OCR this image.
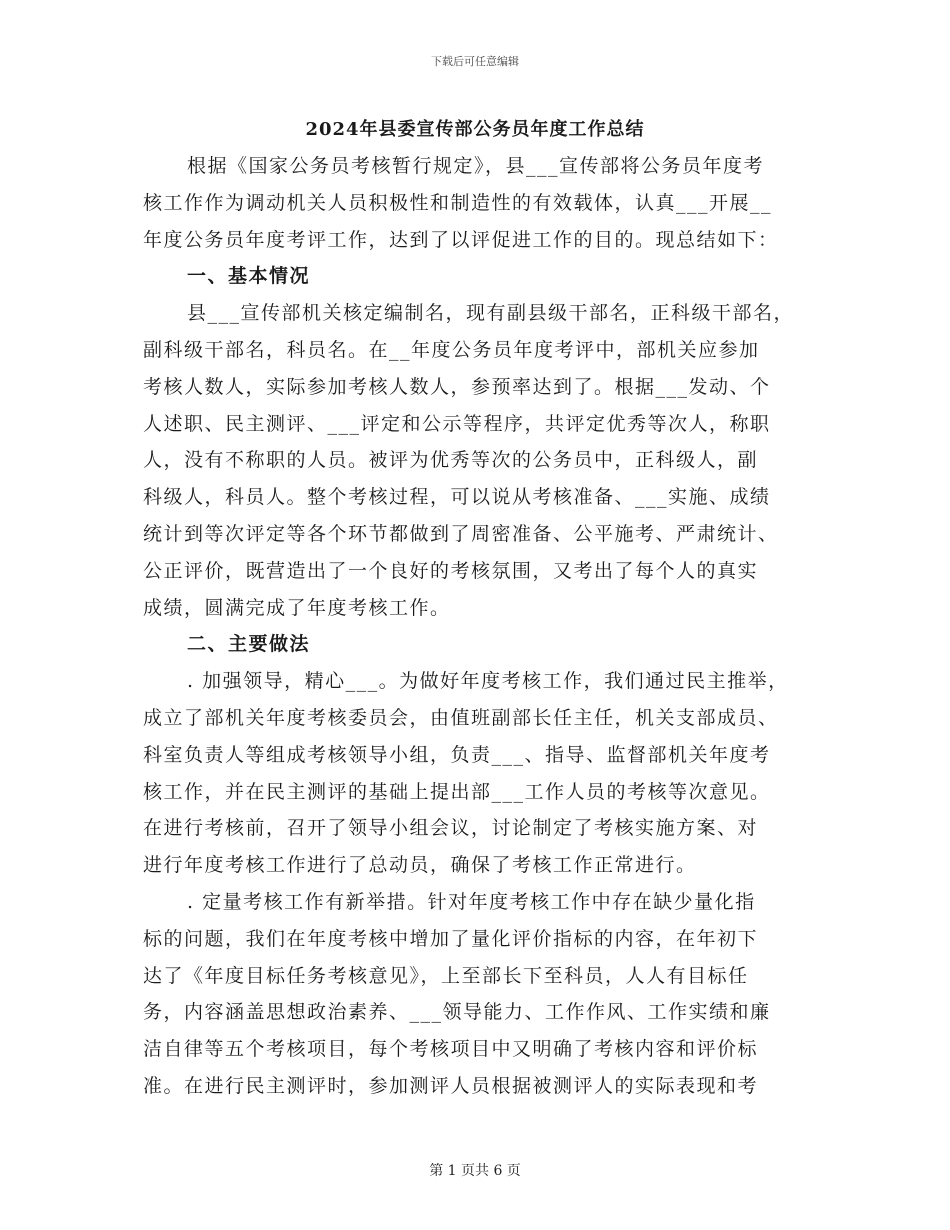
下载后可任意编辑
2024年县委宣传部公务员年度工作总结
根据《国家公务员考核暂行规定》，县___宣传部将公务员年度考
核工作作为调动机关人员积极性和制造性的有效载体，认真___开展__
年度公务员年度考评工作，达到了以评促进工作的目的。现总结如下：
一、基本情况
县___宣传部机关核定编制名，现有副县级干部名，正科级干部名，
副科级干部名，科员名。在__年度公务员年度考评中，部机关应参加
考核人数人，实际参加考核人数人，参预率达到了。根据___发动、个
人述职、民主测评、___评定和公示等程序，共评定优秀等次人，称职
人，没有不称职的人员。被评为优秀等次的公务员中，正科级人，副
科级人，科员人。整个考核过程，可以说从考核准备、___实施、成绩
统计到等次评定等各个环节都做到了周密准备、公平施考、严肃统计、
公正评价，既营造出了一个良好的考核氛围，又考出了每个人的真实
成绩，圆满完成了年度考核工作。
二、主要做法
. 加强领导，精心___。为做好年度考核工作，我们通过民主推举，
成立了部机关年度考核委员会，由值班副部长任主任，机关支部成员、
科室负责人等组成考核领导小组，负责___、指导、监督部机关年度考
核工作，并在民主测评的基础上提出部___工作人员的考核等次意见。
在进行考核前，召开了领导小组会议，讨论制定了考核实施方案、对
进行年度考核工作进行了总动员，确保了考核工作正常进行。
. 定量考核工作有新举措。针对年度考核工作中存在缺少量化指
标的问题，我们在年度考核中增加了量化评价指标的内容，在年初下
达了《年度目标任务考核意见》，上至部长下至科员，人人有目标任
务，内容涵盖思想政治素养、___领导能力、工作作风、工作实绩和廉
洁自律等五个考核项目，每个考核项目中又明确了考核内容和评价标
准。在进行民主测评时，参加测评人员根据被测评人的实际表现和考
第 1 页共 6 页
